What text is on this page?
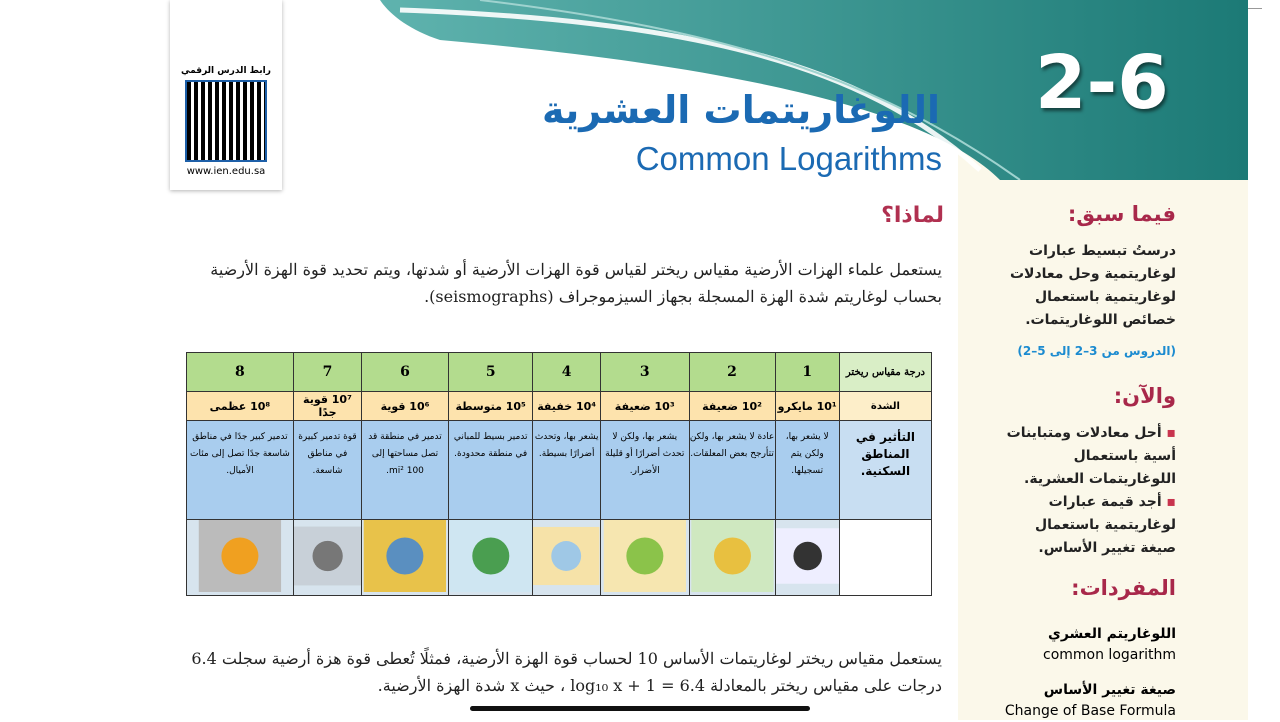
2-6
رابط الدرس الرقمي
www.ien.edu.sa
اللوغاريتمات العشرية
Common Logarithms
لماذا؟
يستعمل علماء الهزات الأرضية مقياس ريختر لقياس قوة الهزات الأرضية أو شدتها، ويتم تحديد قوة الهزة الأرضية
بحساب لوغاريتم شدة الهزة المسجلة بجهاز السيزموجراف (seismographs).
درجة مقياس ريختر	1	2	3	4	5	6	7	8
الشدة	10¹ مايكرو	10² ضعيفة	10³ ضعيفة	10⁴ خفيفة	10⁵ متوسطة	10⁶ قوية	10⁷ قوية جدًا	10⁸ عظمى
التأثير في المناطق السكنية.	لا يشعر بها، ولكن يتم تسجيلها.	عادة لا يشعر بها، ولكن تتأرجح بعض المعلقات.	يشعر بها، ولكن لا تحدث أضرارًا أو قليلة الأضرار.	يشعر بها، وتحدث أضرارًا بسيطة.	تدمير بسيط للمباني في منطقة محدودة.	تدمير في منطقة قد تصل مساحتها إلى 100 mi².	قوة تدمير كبيرة في مناطق شاسعة.	تدمير كبير جدًا في مناطق شاسعة جدًا تصل إلى مئات الأميال.

يستعمل مقياس ريختر لوغاريتمات الأساس 10 لحساب قوة الهزة الأرضية، فمثلًا تُعطى قوة هزة أرضية سجلت 6.4
درجات على مقياس ريختر بالمعادلة 6.4 = 1 + log₁₀ x ، حيث x شدة الهزة الأرضية.
فيما سبق:
درستُ تبسيط عبارات
لوغاريتمية وحل معادلات
لوغاريتمية باستعمال
خصائص اللوغاريتمات.
(الدروس من 3–2 إلى 5–2)
والآن:
▪ أحل معادلات ومتباينات أسية باستعمال اللوغاريتمات العشرية.
▪ أجد قيمة عبارات لوغاريتمية باستعمال صيغة تغيير الأساس.
المفردات:
اللوغاريتم العشري
common logarithm
صيغة تغيير الأساس
Change of Base Formula
